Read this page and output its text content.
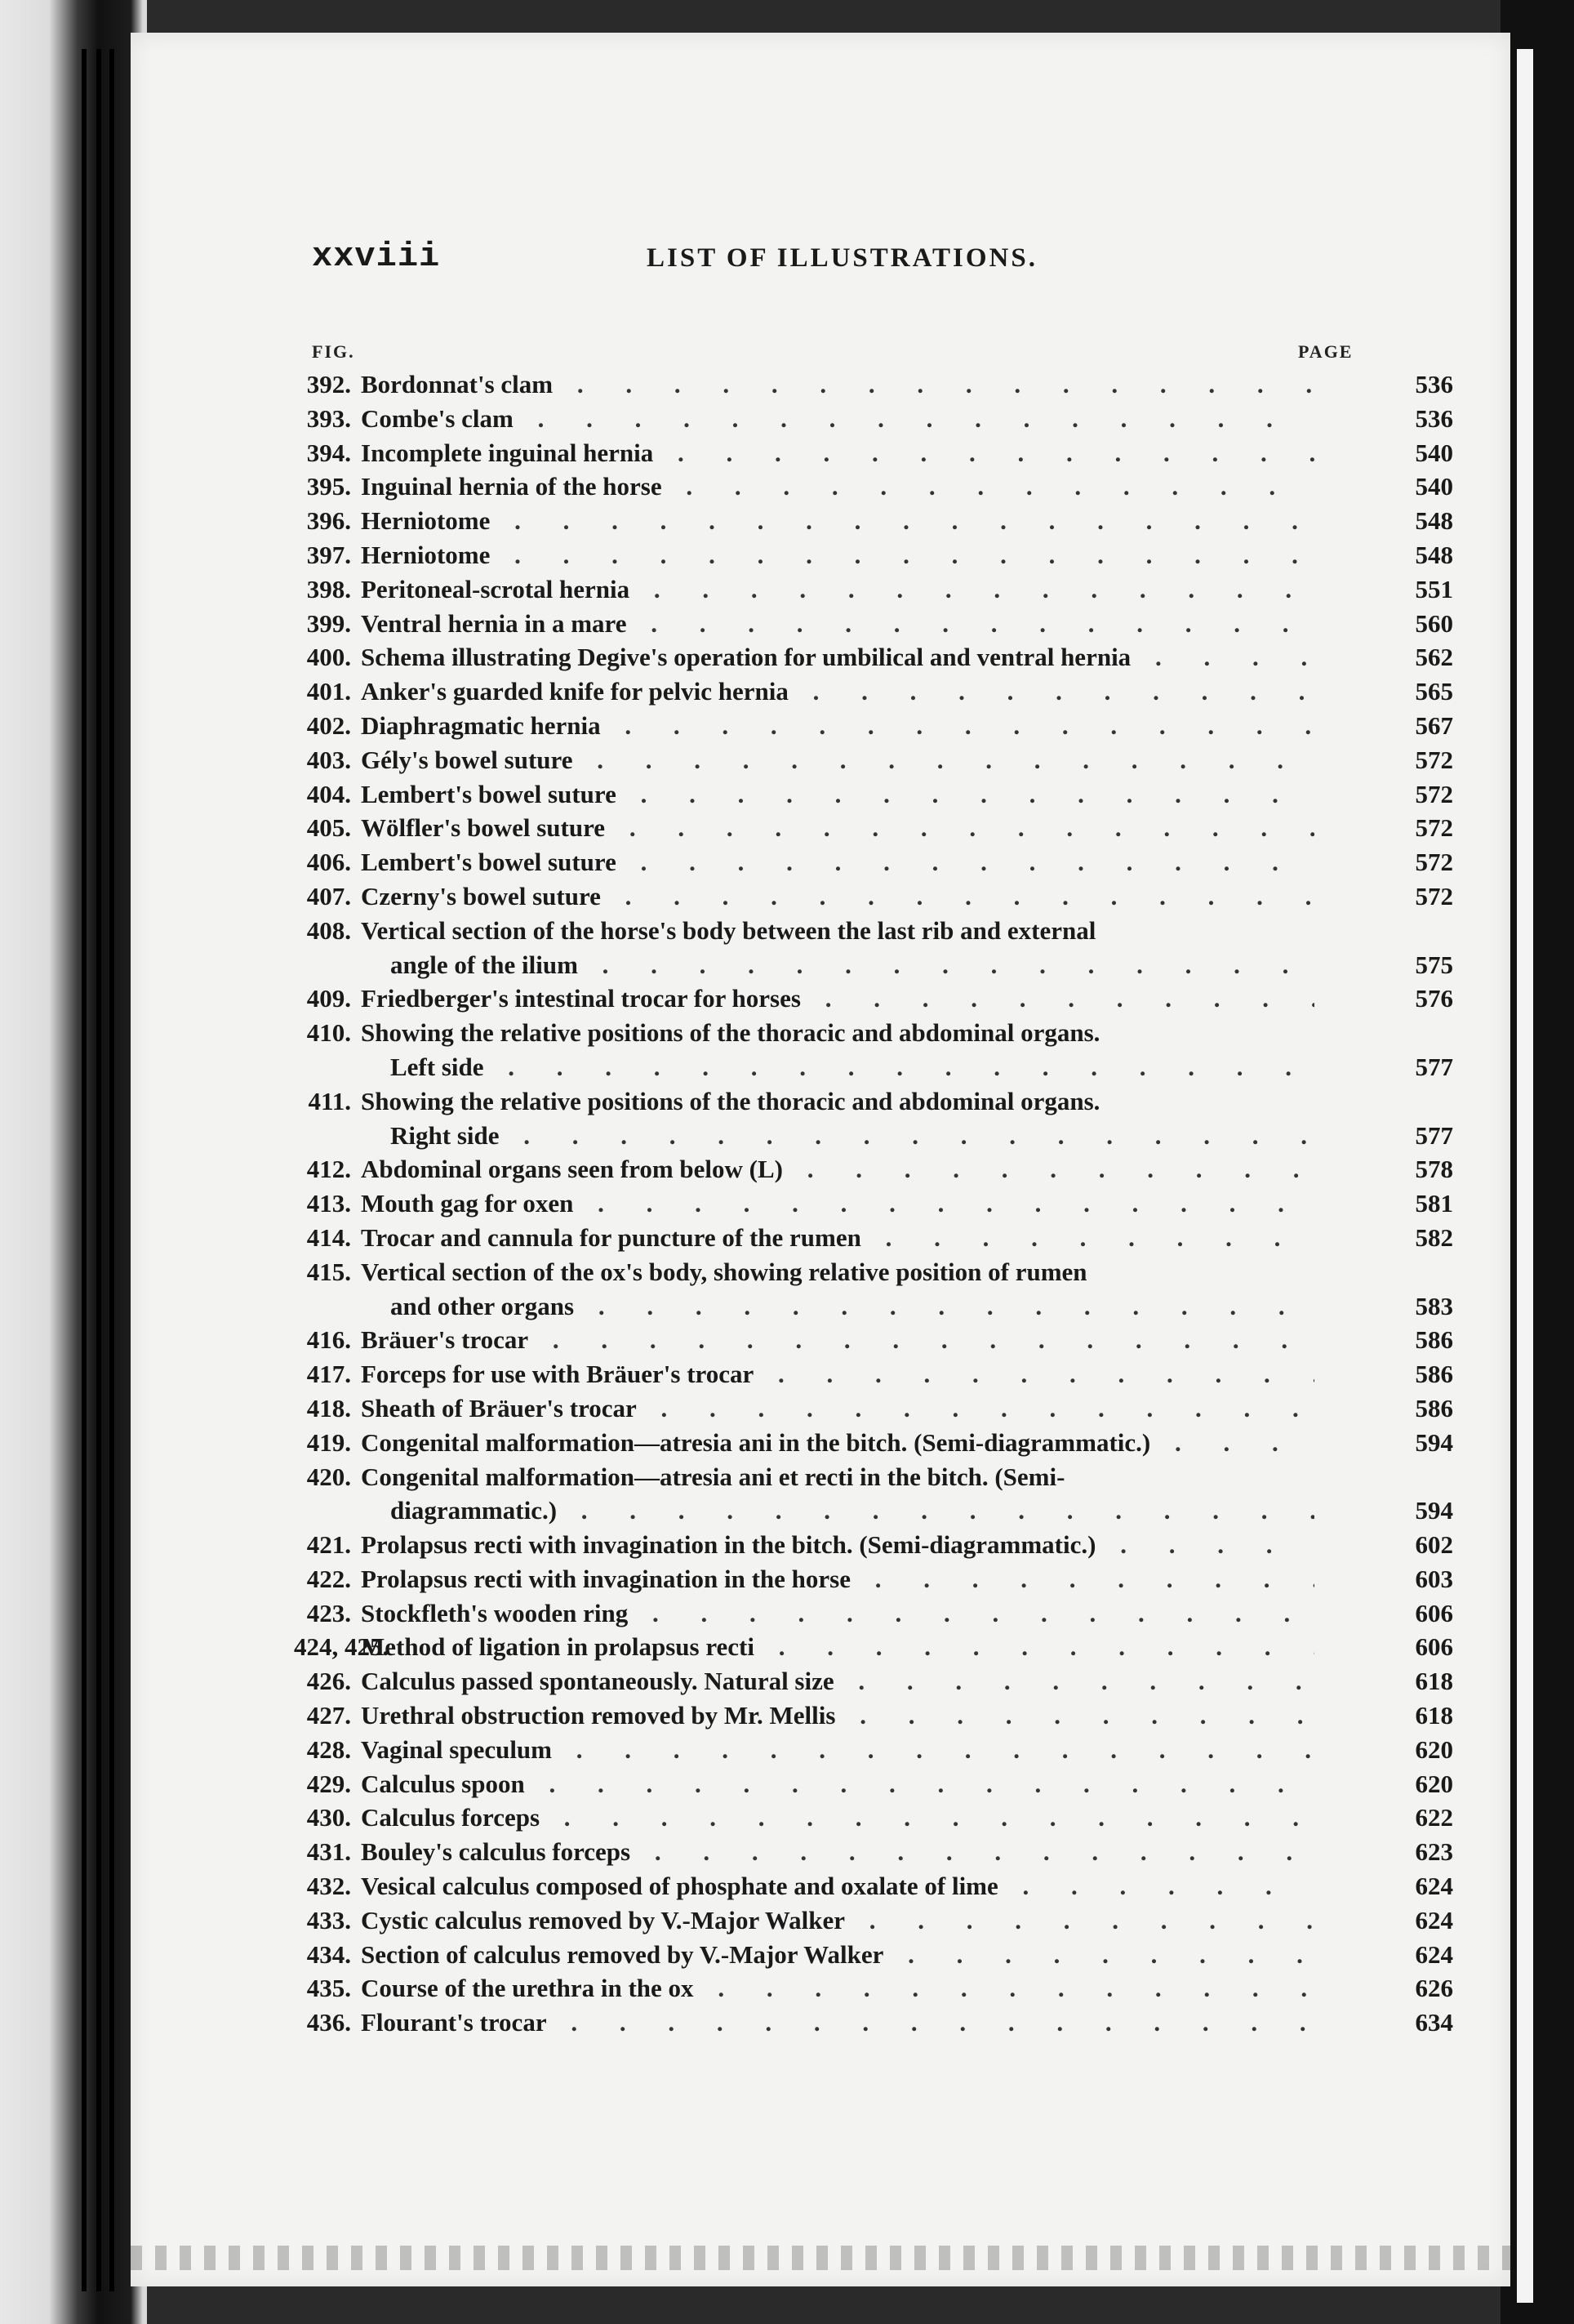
xxviii	LIST OF ILLUSTRATIONS.
FIG.	PAGE
392. Bordonnat's clam . .	536
393. Combe's clam . .	536
394. Incomplete inguinal hernia . .	540
395. Inguinal hernia of the horse . .	540
396. Herniotome . .	548
397. Herniotome . .	548
398. Peritoneal-scrotal hernia . .	551
399. Ventral hernia in a mare . .	560
400. Schema illustrating Degive's operation for umbilical and ventral hernia . .	562
401. Anker's guarded knife for pelvic hernia . .	565
402. Diaphragmatic hernia . .	567
403. Gély's bowel suture . .	572
404. Lembert's bowel suture . .	572
405. Wölfler's bowel suture . .	572
406. Lembert's bowel suture . .	572
407. Czerny's bowel suture . .	572
408. Vertical section of the horse's body between the last rib and external
angle of the ilium . .	575
409. Friedberger's intestinal trocar for horses . .	576
410. Showing the relative positions of the thoracic and abdominal organs.
Left side . .	577
411. Showing the relative positions of the thoracic and abdominal organs.
Right side . .	577
412. Abdominal organs seen from below (L) . .	578
413. Mouth gag for oxen . .	581
414. Trocar and cannula for puncture of the rumen . .	582
415. Vertical section of the ox's body, showing relative position of rumen
and other organs . .	583
416. Bräuer's trocar . .	586
417. Forceps for use with Bräuer's trocar . .	586
418. Sheath of Bräuer's trocar . .	586
419. Congenital malformation—atresia ani in the bitch. (Semi-diagrammatic.) . .	594
420. Congenital malformation—atresia ani et recti in the bitch. (Semi-
diagrammatic.) . .	594
421. Prolapsus recti with invagination in the bitch. (Semi-diagrammatic.) . .	602
422. Prolapsus recti with invagination in the horse . .	603
423. Stockfleth's wooden ring . .	606
424, 425.
Method of ligation in prolapsus recti . .	606
426. Calculus passed spontaneously. Natural size . .	618
427. Urethral obstruction removed by Mr. Mellis . .	618
428. Vaginal speculum . .	620
429. Calculus spoon . .	620
430. Calculus forceps . .	622
431. Bouley's calculus forceps . .	623
432. Vesical calculus composed of phosphate and oxalate of lime . .	624
433. Cystic calculus removed by V.-Major Walker . .	624
434. Section of calculus removed by V.-Major Walker . .	624
435. Course of the urethra in the ox . .	626
436. Flourant's trocar . .	634
